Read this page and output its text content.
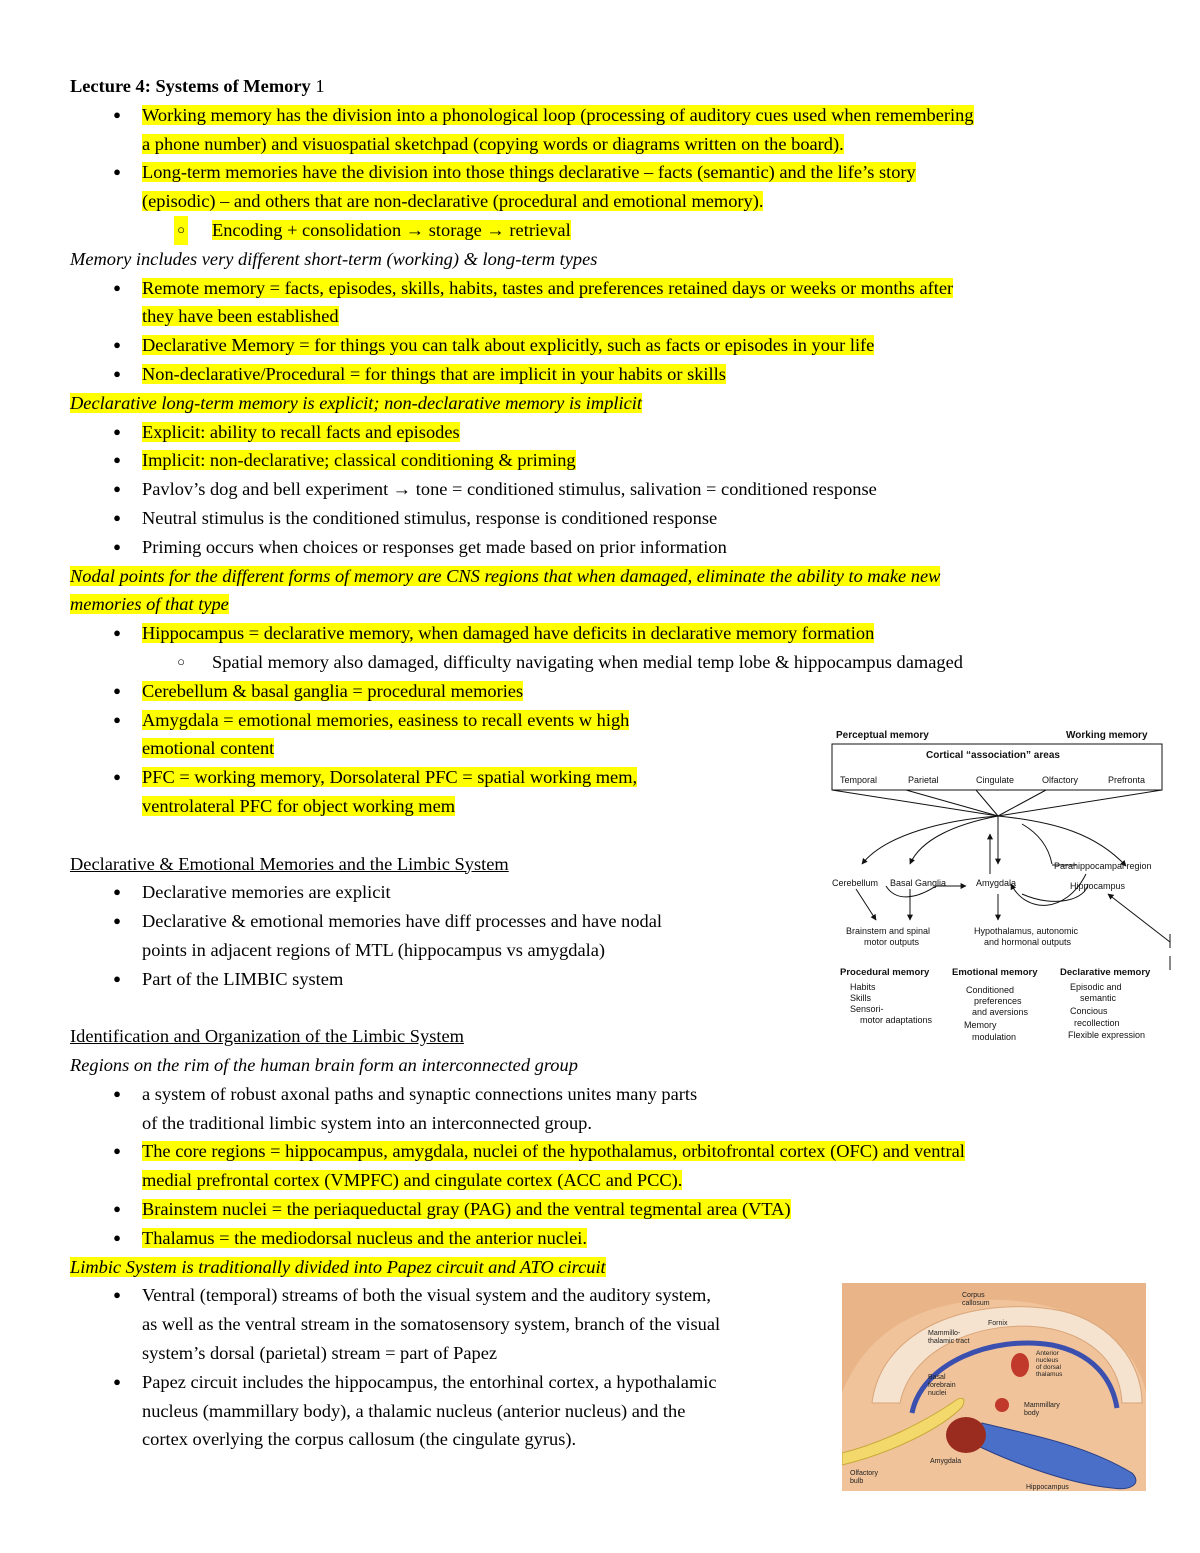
Lecture 4: Systems of Memory 1
● Working memory has the division into a phonological loop (processing of auditory cues used when remembering
a phone number) and visuospatial sketchpad (copying words or diagrams written on the board).
● Long-term memories have the division into those things declarative – facts (semantic) and the life’s story
(episodic) – and others that are non-declarative (procedural and emotional memory).
○ Encoding + consolidation → storage → retrieval
Memory includes very different short-term (working) & long-term types
● Remote memory = facts, episodes, skills, habits, tastes and preferences retained days or weeks or months after
they have been established
● Declarative Memory = for things you can talk about explicitly, such as facts or episodes in your life
● Non-declarative/Procedural = for things that are implicit in your habits or skills
Declarative long-term memory is explicit; non-declarative memory is implicit
● Explicit: ability to recall facts and episodes
● Implicit: non-declarative; classical conditioning & priming
● Pavlov’s dog and bell experiment → tone = conditioned stimulus, salivation = conditioned response
● Neutral stimulus is the conditioned stimulus, response is conditioned response
● Priming occurs when choices or responses get made based on prior information
Nodal points for the different forms of memory are CNS regions that when damaged, eliminate the ability to make new
memories of that type
● Hippocampus = declarative memory, when damaged have deficits in declarative memory formation
○ Spatial memory also damaged, difficulty navigating when medial temp lobe & hippocampus damaged
● Cerebellum & basal ganglia = procedural memories
● Amygdala = emotional memories, easiness to recall events w high
emotional content
● PFC = working memory, Dorsolateral PFC = spatial working mem,
ventrolateral PFC for object working mem
Declarative & Emotional Memories and the Limbic System
● Declarative memories are explicit
● Declarative & emotional memories have diff processes and have nodal
points in adjacent regions of MTL (hippocampus vs amygdala)
● Part of the LIMBIC system
Identification and Organization of the Limbic System
Regions on the rim of the human brain form an interconnected group
● a system of robust axonal paths and synaptic connections unites many parts
of the traditional limbic system into an interconnected group.
● The core regions = hippocampus, amygdala, nuclei of the hypothalamus, orbitofrontal cortex (OFC) and ventral
medial prefrontal cortex (VMPFC) and cingulate cortex (ACC and PCC).
● Brainstem nuclei = the periaqueductal gray (PAG) and the ventral tegmental area (VTA)
● Thalamus = the mediodorsal nucleus and the anterior nuclei.
Limbic System is traditionally divided into Papez circuit and ATO circuit
● Ventral (temporal) streams of both the visual system and the auditory system,
as well as the ventral stream in the somatosensory system, branch of the visual
system’s dorsal (parietal) stream = part of Papez
● Papez circuit includes the hippocampus, the entorhinal cortex, a hypothalamic
nucleus (mammillary body), a thalamic nucleus (anterior nucleus) and the
cortex overlying the corpus callosum (the cingulate gyrus).
Perceptual memory	Working memory
Cortical “association” areas
Temporal	Parietal	Cingulate	Olfactory	Prefronta
Parahippocampal region
Cerebellum Basal Ganglia	Amygdala	Hippocampus
Brainstem and spinal
motor outputs
Hypothalamus, autonomic
and hormonal outputs
Procedural memory
Habits
Skills
Sensori-
motor adaptations
Emotional memory
Conditioned
preferences
and aversions
Memory
modulation
Declarative memory
Episodic and
semantic
Concious
recollection
Flexible expression
Corpus
callosum
Fornix
Mammillo-
thalamic tract
Anterior
nucleus
of dorsal
thalamus
Basal
forebrain
nuclei
Mammillary
body
Olfactory
bulb
Amygdala
Hippocampus
